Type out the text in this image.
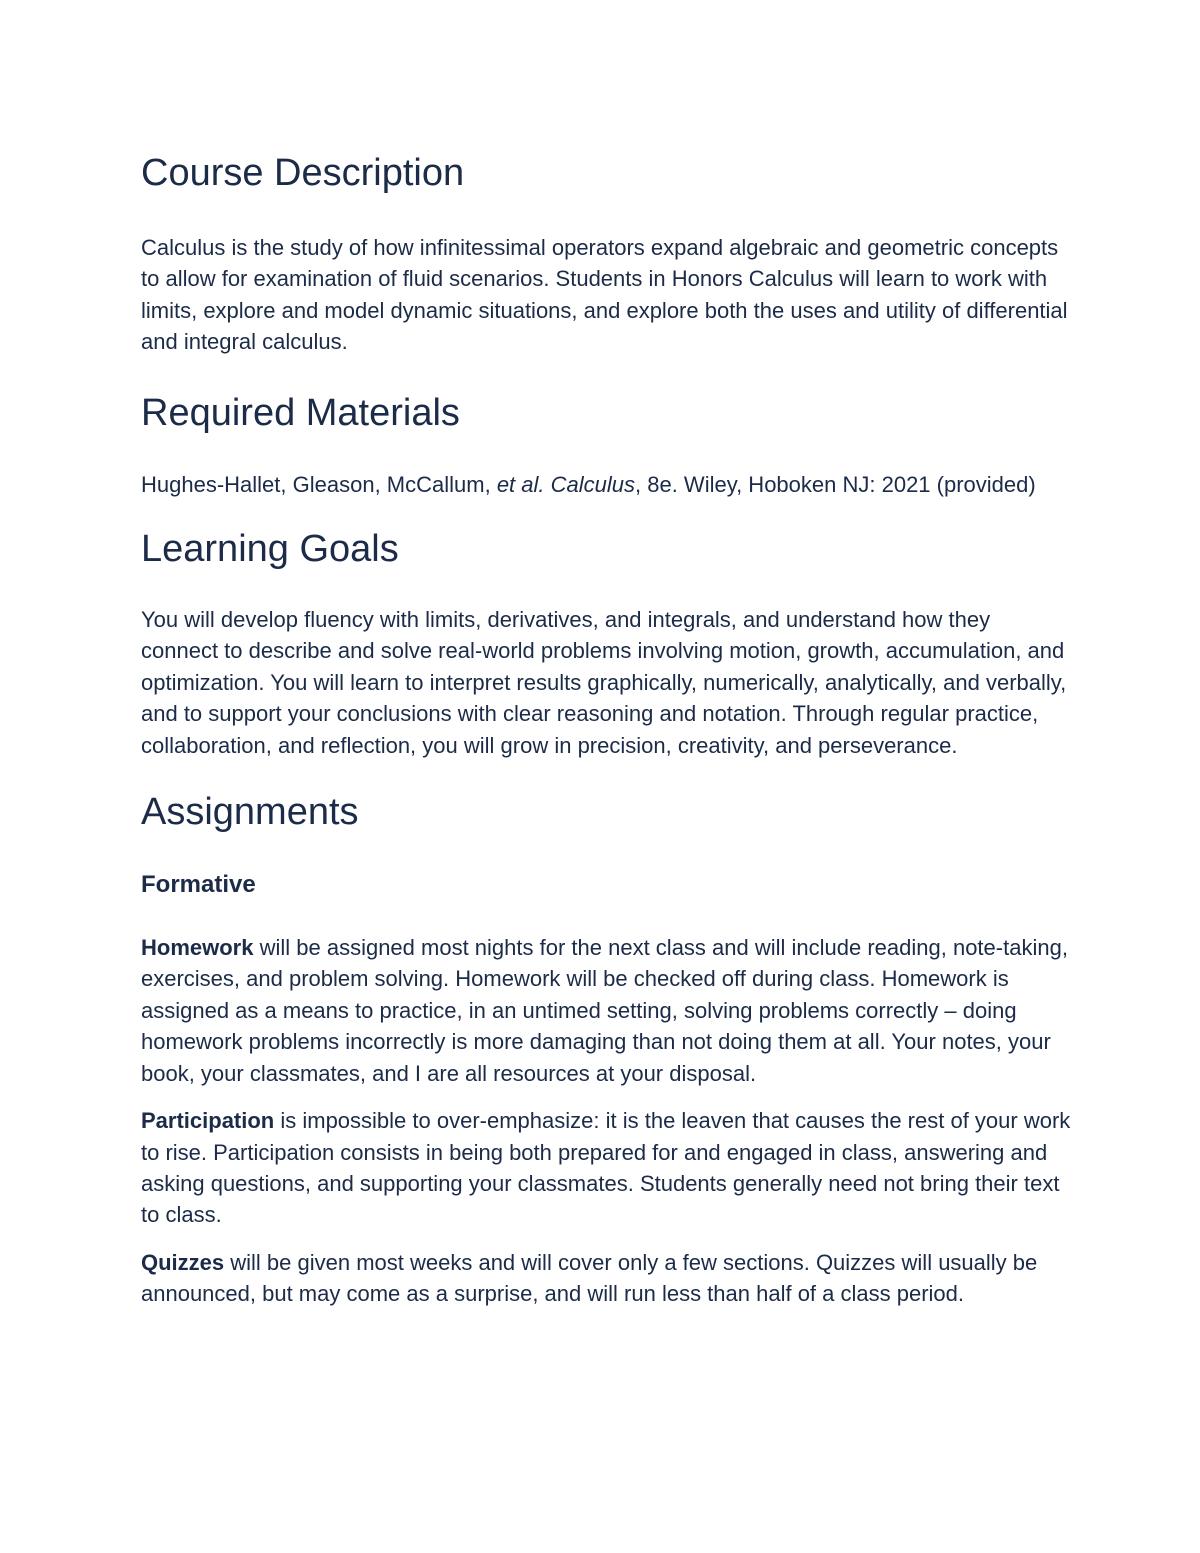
Course Description

Calculus is the study of how infinitessimal operators expand algebraic and geometric concepts to allow for examination of fluid scenarios. Students in Honors Calculus will learn to work with limits, explore and model dynamic situations, and explore both the uses and utility of differential and integral calculus.

Required Materials

Hughes-Hallet, Gleason, McCallum, et al. Calculus, 8e. Wiley, Hoboken NJ: 2021 (provided)

Learning Goals

You will develop fluency with limits, derivatives, and integrals, and understand how they connect to describe and solve real-world problems involving motion, growth, accumulation, and optimization. You will learn to interpret results graphically, numerically, analytically, and verbally, and to support your conclusions with clear reasoning and notation. Through regular practice, collaboration, and reflection, you will grow in precision, creativity, and perseverance.

Assignments
Formative

Homework will be assigned most nights for the next class and will include reading, note-taking, exercises, and problem solving. Homework will be checked off during class. Homework is assigned as a means to practice, in an untimed setting, solving problems correctly – doing homework problems incorrectly is more damaging than not doing them at all. Your notes, your book, your classmates, and I are all resources at your disposal.

Participation is impossible to over-emphasize: it is the leaven that causes the rest of your work to rise. Participation consists in being both prepared for and engaged in class, answering and asking questions, and supporting your classmates. Students generally need not bring their text to class.

Quizzes will be given most weeks and will cover only a few sections. Quizzes will usually be announced, but may come as a surprise, and will run less than half of a class period.
